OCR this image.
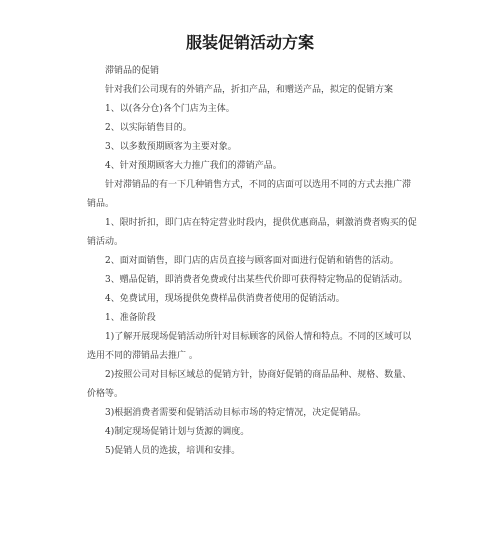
服装促销活动方案

滞销品的促销

针对我们公司现有的外销产品，折扣产品，和赠送产品，拟定的促销方案

1、以(各分仓)各个门店为主体。

2、以实际销售目的。

3、以多数预期顾客为主要对象。

4、针对预期顾客大力推广我们的滞销产品。

针对滞销品的有一下几种销售方式，不同的店面可以选用不同的方式去推广滞销品。

1、限时折扣，即门店在特定营业时段内，提供优惠商品，刺激消费者购买的促销活动。

2、面对面销售，即门店的店员直接与顾客面对面进行促销和销售的活动。

3、赠品促销，即消费者免费或付出某些代价即可获得特定物品的促销活动。

4、免费试用，现场提供免费样品供消费者使用的促销活动。

1、准备阶段

1)了解开展现场促销活动所针对目标顾客的风俗人情和特点。不同的区域可以选用不同的滞销品去推广 。

2)按照公司对目标区域总的促销方针，协商好促销的商品品种、规格、数量、价格等。

3)根据消费者需要和促销活动目标市场的特定情况，决定促销品。

4)制定现场促销计划与货源的调度。

5)促销人员的选拔，培训和安排。
